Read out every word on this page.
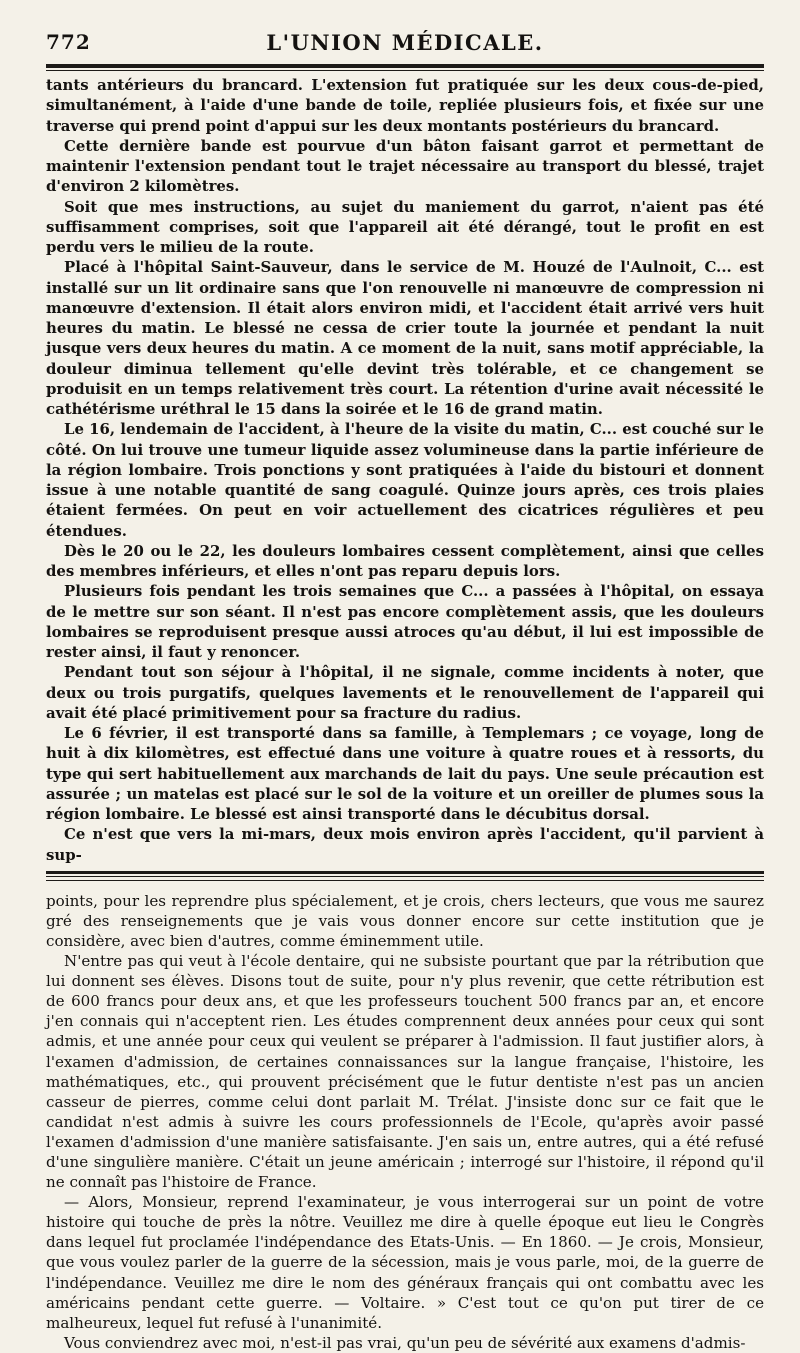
772	L'UNION MÉDICALE.

tants antérieurs du brancard. L'extension fut pratiquée sur les deux cous-de-pied, simultanément, à l'aide d'une bande de toile, repliée plusieurs fois, et fixée sur une traverse qui prend point d'appui sur les deux montants postérieurs du brancard.

Cette dernière bande est pourvue d'un bâton faisant garrot et permettant de maintenir l'extension pendant tout le trajet nécessaire au transport du blessé, trajet d'environ 2 kilomètres.

Soit que mes instructions, au sujet du maniement du garrot, n'aient pas été suffisamment comprises, soit que l'appareil ait été dérangé, tout le profit en est perdu vers le milieu de la route.

Placé à l'hôpital Saint-Sauveur, dans le service de M. Houzé de l'Aulnoit, C... est installé sur un lit ordinaire sans que l'on renouvelle ni manœuvre de compression ni manœuvre d'extension. Il était alors environ midi, et l'accident était arrivé vers huit heures du matin. Le blessé ne cessa de crier toute la journée et pendant la nuit jusque vers deux heures du matin. A ce moment de la nuit, sans motif appréciable, la douleur diminua tellement qu'elle devint très tolérable, et ce changement se produisit en un temps relativement très court. La rétention d'urine avait nécessité le cathétérisme uréthral le 15 dans la soirée et le 16 de grand matin.

Le 16, lendemain de l'accident, à l'heure de la visite du matin, C... est couché sur le côté. On lui trouve une tumeur liquide assez volumineuse dans la partie inférieure de la région lombaire. Trois ponctions y sont pratiquées à l'aide du bistouri et donnent issue à une notable quantité de sang coagulé. Quinze jours après, ces trois plaies étaient fermées. On peut en voir actuellement des cicatrices régulières et peu étendues.

Dès le 20 ou le 22, les douleurs lombaires cessent complètement, ainsi que celles des membres inférieurs, et elles n'ont pas reparu depuis lors.

Plusieurs fois pendant les trois semaines que C... a passées à l'hôpital, on essaya de le mettre sur son séant. Il n'est pas encore complètement assis, que les douleurs lombaires se reproduisent presque aussi atroces qu'au début, il lui est impossible de rester ainsi, il faut y renoncer.

Pendant tout son séjour à l'hôpital, il ne signale, comme incidents à noter, que deux ou trois purgatifs, quelques lavements et le renouvellement de l'appareil qui avait été placé primitivement pour sa fracture du radius.

Le 6 février, il est transporté dans sa famille, à Templemars ; ce voyage, long de huit à dix kilomètres, est effectué dans une voiture à quatre roues et à ressorts, du type qui sert habituellement aux marchands de lait du pays. Une seule précaution est assurée ; un matelas est placé sur le sol de la voiture et un oreiller de plumes sous la région lombaire. Le blessé est ainsi transporté dans le décubitus dorsal.

Ce n'est que vers la mi-mars, deux mois environ après l'accident, qu'il parvient à sup-

points, pour les reprendre plus spécialement, et je crois, chers lecteurs, que vous me saurez gré des renseignements que je vais vous donner encore sur cette institution que je considère, avec bien d'autres, comme éminemment utile.

N'entre pas qui veut à l'école dentaire, qui ne subsiste pourtant que par la rétribution que lui donnent ses élèves. Disons tout de suite, pour n'y plus revenir, que cette rétribution est de 600 francs pour deux ans, et que les professeurs touchent 500 francs par an, et encore j'en connais qui n'acceptent rien. Les études comprennent deux années pour ceux qui sont admis, et une année pour ceux qui veulent se préparer à l'admission. Il faut justifier alors, à l'examen d'admission, de certaines connaissances sur la langue française, l'histoire, les mathématiques, etc., qui prouvent précisément que le futur dentiste n'est pas un ancien casseur de pierres, comme celui dont parlait M. Trélat. J'insiste donc sur ce fait que le candidat n'est admis à suivre les cours professionnels de l'Ecole, qu'après avoir passé l'examen d'admission d'une manière satisfaisante. J'en sais un, entre autres, qui a été refusé d'une singulière manière. C'était un jeune américain ; interrogé sur l'histoire, il répond qu'il ne connaît pas l'histoire de France.

— Alors, Monsieur, reprend l'examinateur, je vous interrogerai sur un point de votre histoire qui touche de près la nôtre. Veuillez me dire à quelle époque eut lieu le Congrès dans lequel fut proclamée l'indépendance des Etats-Unis. — En 1860. — Je crois, Monsieur, que vous voulez parler de la guerre de la sécession, mais je vous parle, moi, de la guerre de l'indépendance. Veuillez me dire le nom des généraux français qui ont combattu avec les américains pendant cette guerre. — Voltaire. » C'est tout ce qu'on put tirer de ce malheureux, lequel fut refusé à l'unanimité.

Vous conviendrez avec moi, n'est-il pas vrai, qu'un peu de sévérité aux examens d'admis-
